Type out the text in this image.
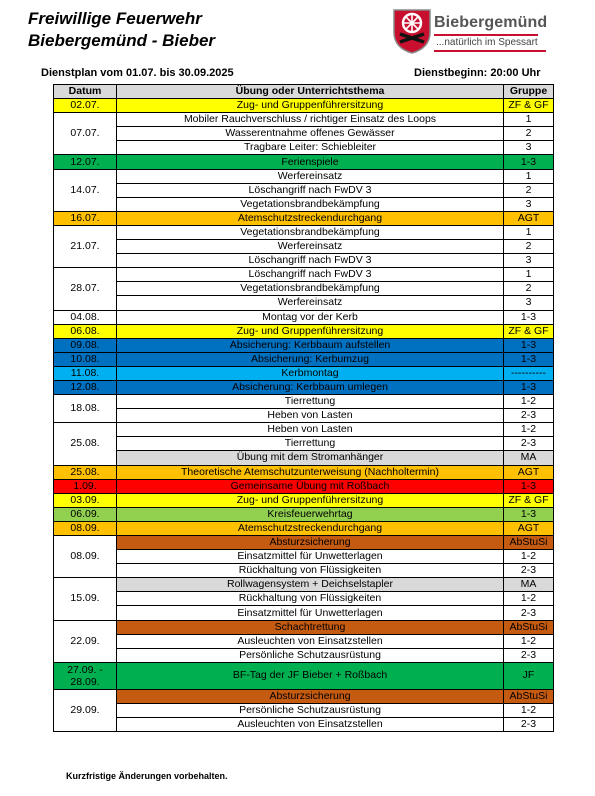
Freiwillige Feuerwehr
Biebergemünd - Bieber
Biebergemünd
...natürlich im Spessart
Dienstplan vom 01.07. bis 30.09.2025	Dienstbeginn: 20:00 Uhr
Datum	Übung oder Unterrichtsthema	Gruppe
02.07.	Zug- und Gruppenführersitzung	ZF & GF
07.07.	Mobiler Rauchverschluss / richtiger Einsatz des Loops	1
	Wasserentnahme offenes Gewässer	2
	Tragbare Leiter: Schiebleiter	3
12.07.	Ferienspiele	1-3
14.07.	Werfereinsatz	1
	Löschangriff nach FwDV 3	2
	Vegetationsbrandbekämpfung	3
16.07.	Atemschutzstreckendurchgang	AGT
21.07.	Vegetationsbrandbekämpfung	1
	Werfereinsatz	2
	Löschangriff nach FwDV 3	3
28.07.	Löschangriff nach FwDV 3	1
	Vegetationsbrandbekämpfung	2
	Werfereinsatz	3
04.08.	Montag vor der Kerb	1-3
06.08.	Zug- und Gruppenführersitzung	ZF & GF
09.08.	Absicherung: Kerbbaum aufstellen	1-3
10.08.	Absicherung: Kerbumzug	1-3
11.08.	Kerbmontag	----------
12.08.	Absicherung: Kerbbaum umlegen	1-3
18.08.	Tierrettung	1-2
	Heben von Lasten	2-3
25.08.	Heben von Lasten	1-2
	Tierrettung	2-3
	Übung mit dem Stromanhänger	MA
25.08.	Theoretische Atemschutzunterweisung (Nachholtermin)	AGT
1.09.	Gemeinsame Übung mit Roßbach	1-3
03.09.	Zug- und Gruppenführersitzung	ZF & GF
06.09.	Kreisfeuerwehrtag	1-3
08.09.	Atemschutzstreckendurchgang	AGT
08.09.	Absturzsicherung	AbStuSi
	Einsatzmittel für Unwetterlagen	1-2
	Rückhaltung von Flüssigkeiten	2-3
15.09.	Rollwagensystem + Deichselstapler	MA
	Rückhaltung von Flüssigkeiten	1-2
	Einsatzmittel für Unwetterlagen	2-3
22.09.	Schachtrettung	AbStuSi
	Ausleuchten von Einsatzstellen	1-2
	Persönliche Schutzausrüstung	2-3
27.09. - 28.09.	BF-Tag der JF Bieber + Roßbach	JF
29.09.	Absturzsicherung	AbStuSi
	Persönliche Schutzausrüstung	1-2
	Ausleuchten von Einsatzstellen	2-3
Kurzfristige Änderungen vorbehalten.
